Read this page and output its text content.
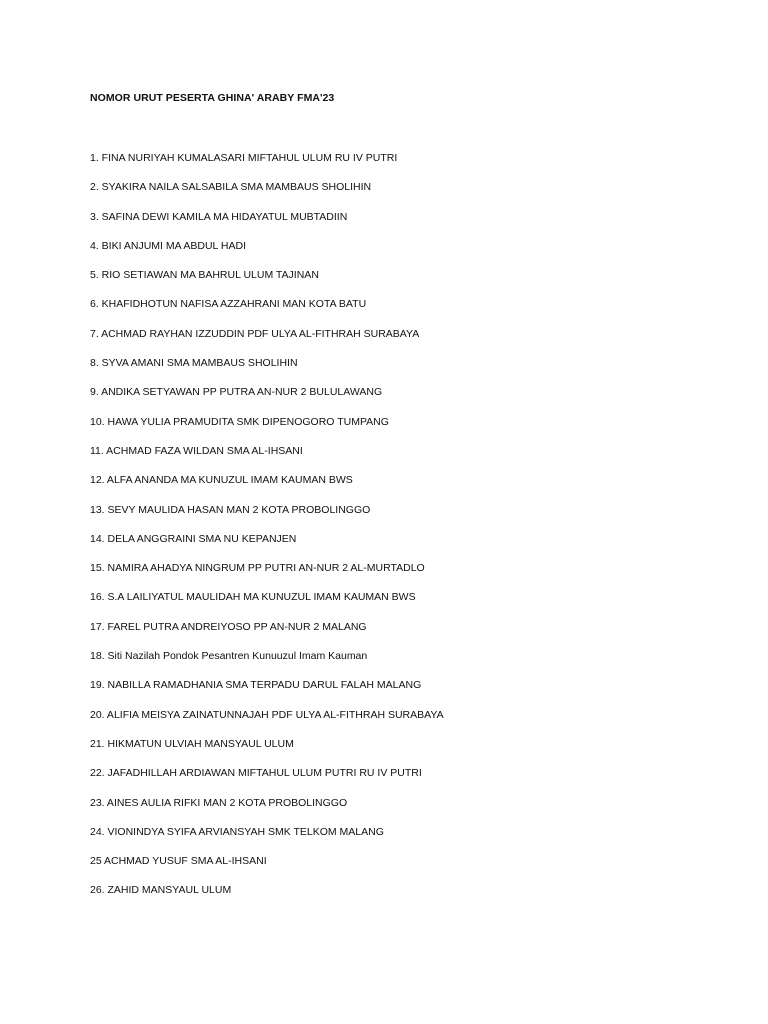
NOMOR URUT PESERTA GHINA' ARABY FMA'23
1. FINA NURIYAH KUMALASARI MIFTAHUL ULUM RU IV PUTRI
2. SYAKIRA NAILA SALSABILA SMA MAMBAUS SHOLIHIN
3. SAFINA DEWI KAMILA MA HIDAYATUL MUBTADIIN
4. BIKI ANJUMI MA ABDUL HADI
5. RIO SETIAWAN MA BAHRUL ULUM TAJINAN
6. KHAFIDHOTUN NAFISA AZZAHRANI MAN KOTA BATU
7. ACHMAD RAYHAN IZZUDDIN PDF ULYA AL-FITHRAH SURABAYA
8. SYVA AMANI SMA MAMBAUS SHOLIHIN
9. ANDIKA SETYAWAN PP PUTRA AN-NUR 2 BULULAWANG
10. HAWA YULIA PRAMUDITA SMK DIPENOGORO TUMPANG
11. ACHMAD FAZA WILDAN SMA AL-IHSANI
12. ALFA ANANDA MA KUNUZUL IMAM KAUMAN BWS
13. SEVY MAULIDA HASAN MAN 2 KOTA PROBOLINGGO
14. DELA ANGGRAINI SMA NU KEPANJEN
15. NAMIRA AHADYA NINGRUM PP PUTRI AN-NUR 2 AL-MURTADLO
16. S.A LAILIYATUL MAULIDAH MA KUNUZUL IMAM KAUMAN BWS
17. FAREL PUTRA ANDREIYOSO PP AN-NUR 2 MALANG
18. Siti Nazilah Pondok Pesantren Kunuuzul Imam Kauman
19. NABILLA RAMADHANIA SMA TERPADU DARUL FALAH MALANG
20. ALIFIA MEISYA ZAINATUNNAJAH PDF ULYA AL-FITHRAH SURABAYA
21. HIKMATUN ULVIAH MANSYAUL ULUM
22. JAFADHILLAH ARDIAWAN MIFTAHUL ULUM PUTRI RU IV PUTRI
23. AINES AULIA RIFKI MAN 2 KOTA PROBOLINGGO
24. VIONINDYA SYIFA ARVIANSYAH SMK TELKOM MALANG
25 ACHMAD YUSUF SMA AL-IHSANI
26. ZAHID MANSYAUL ULUM
